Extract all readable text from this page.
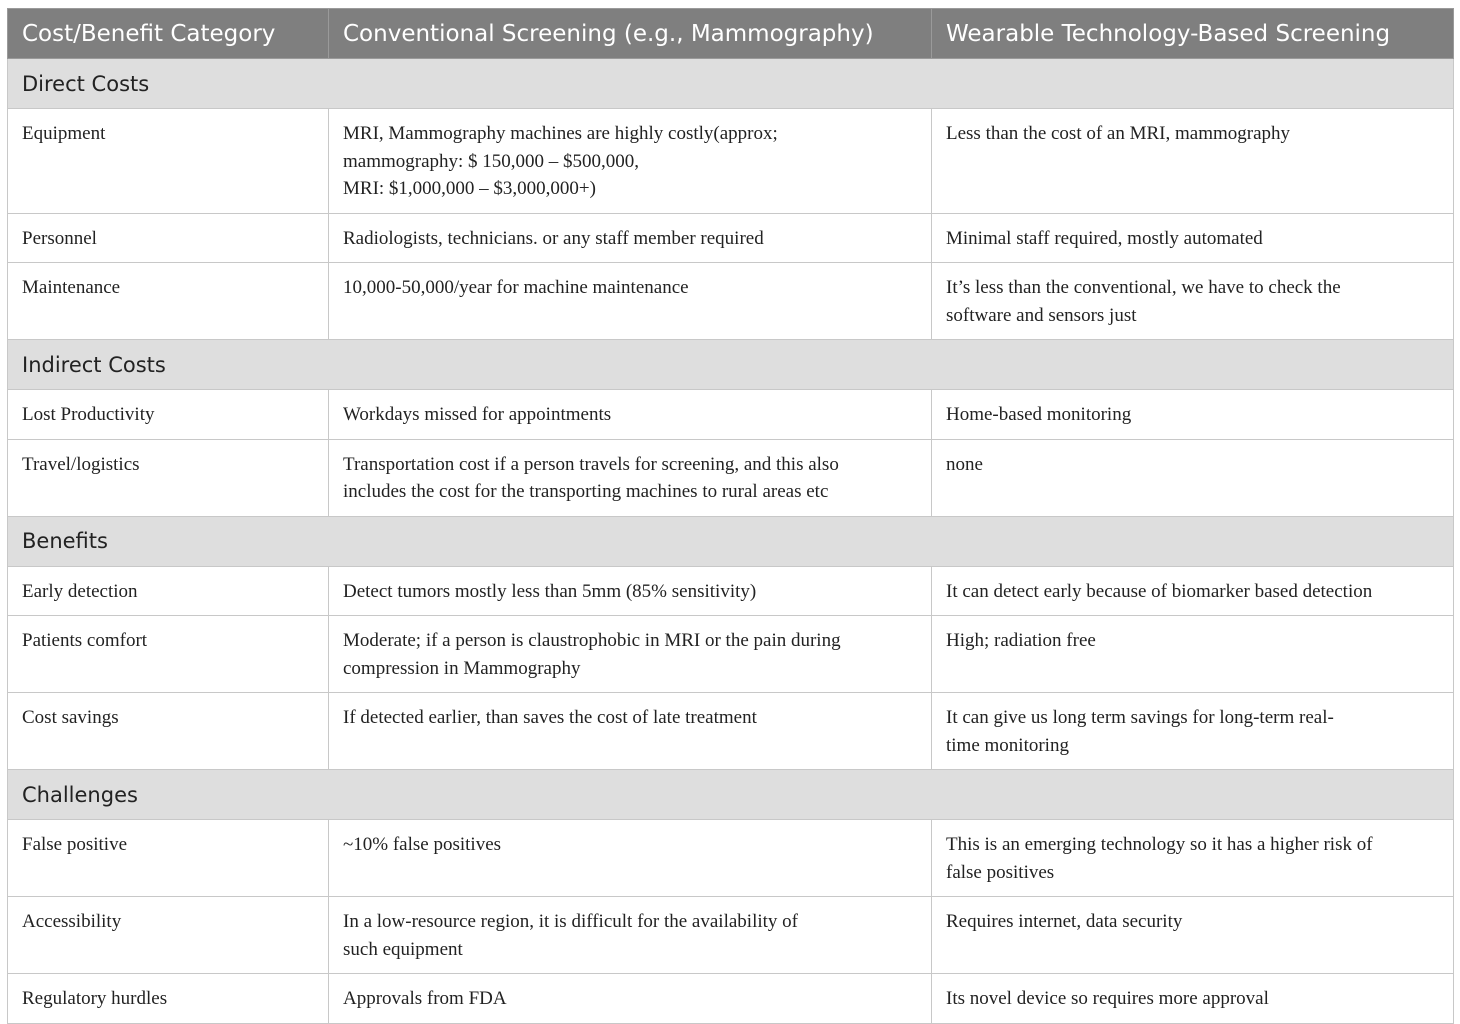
Cost/Benefit Category	Conventional Screening (e.g., Mammography)	Wearable Technology-Based Screening
Direct Costs		
Equipment	MRI, Mammography machines are highly costly(approx;
mammography: $ 150,000 – $500,000,
MRI: $1,000,000 – $3,000,000+)	Less than the cost of an MRI, mammography

Personnel	Radiologists, technicians. or any staff member required	Minimal staff required, mostly automated

Maintenance	10,000-50,000/year for machine maintenance	It’s less than the conventional, we have to check the
software and sensors just

Indirect Costs		
Lost Productivity	Workdays missed for appointments	Home-based monitoring

Travel/logistics	Transportation cost if a person travels for screening, and this also
includes the cost for the transporting machines to rural areas etc	none

Benefits		
Early detection	Detect tumors mostly less than 5mm (85% sensitivity)	It can detect early because of biomarker based detection

Patients comfort	Moderate; if a person is claustrophobic in MRI or the pain during
compression in Mammography	High; radiation free

Cost savings	If detected earlier, than saves the cost of late treatment	It can give us long term savings for long-term real-
time monitoring

Challenges		
False positive	~10% false positives	This is an emerging technology so it has a higher risk of
false positives

Accessibility	In a low-resource region, it is difficult for the availability of
such equipment	Requires internet, data security

Regulatory hurdles	Approvals from FDA	Its novel device so requires more approval
